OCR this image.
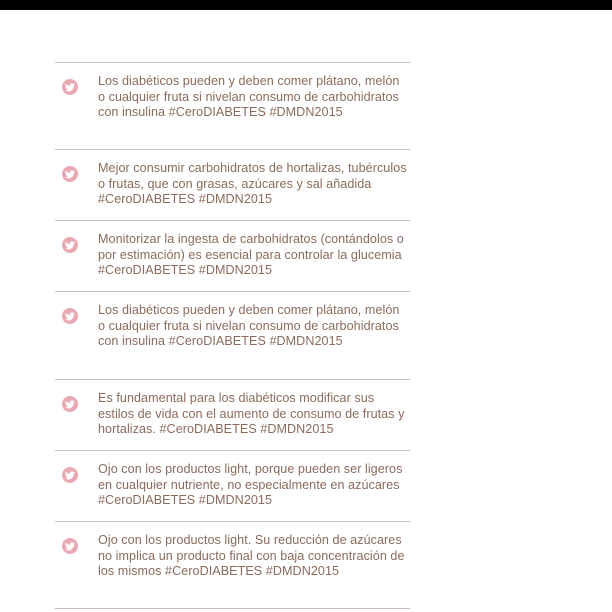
Los diabéticos pueden y deben comer plátano, melón o cualquier fruta si nivelan consumo de carbohidratos con insulina #CeroDIABETES #DMDN2015
Mejor consumir carbohidratos de hortalizas, tubérculos o frutas, que con grasas, azúcares y sal añadida #CeroDIABETES #DMDN2015
Monitorizar la ingesta de carbohidratos (contándolos o por estimación) es esencial para controlar la glucemia #CeroDIABETES #DMDN2015
Los diabéticos pueden y deben comer plátano, melón o cualquier fruta si nivelan consumo de carbohidratos con insulina #CeroDIABETES #DMDN2015
Es fundamental para los diabéticos modificar sus estilos de vida con el aumento de consumo de frutas y hortalizas. #CeroDIABETES #DMDN2015
Ojo con los productos light, porque pueden ser ligeros en cualquier nutriente, no especialmente en azúcares #CeroDIABETES #DMDN2015
Ojo con los productos light. Su reducción de azúcares no implica un producto final con baja concentración de los mismos #CeroDIABETES #DMDN2015
